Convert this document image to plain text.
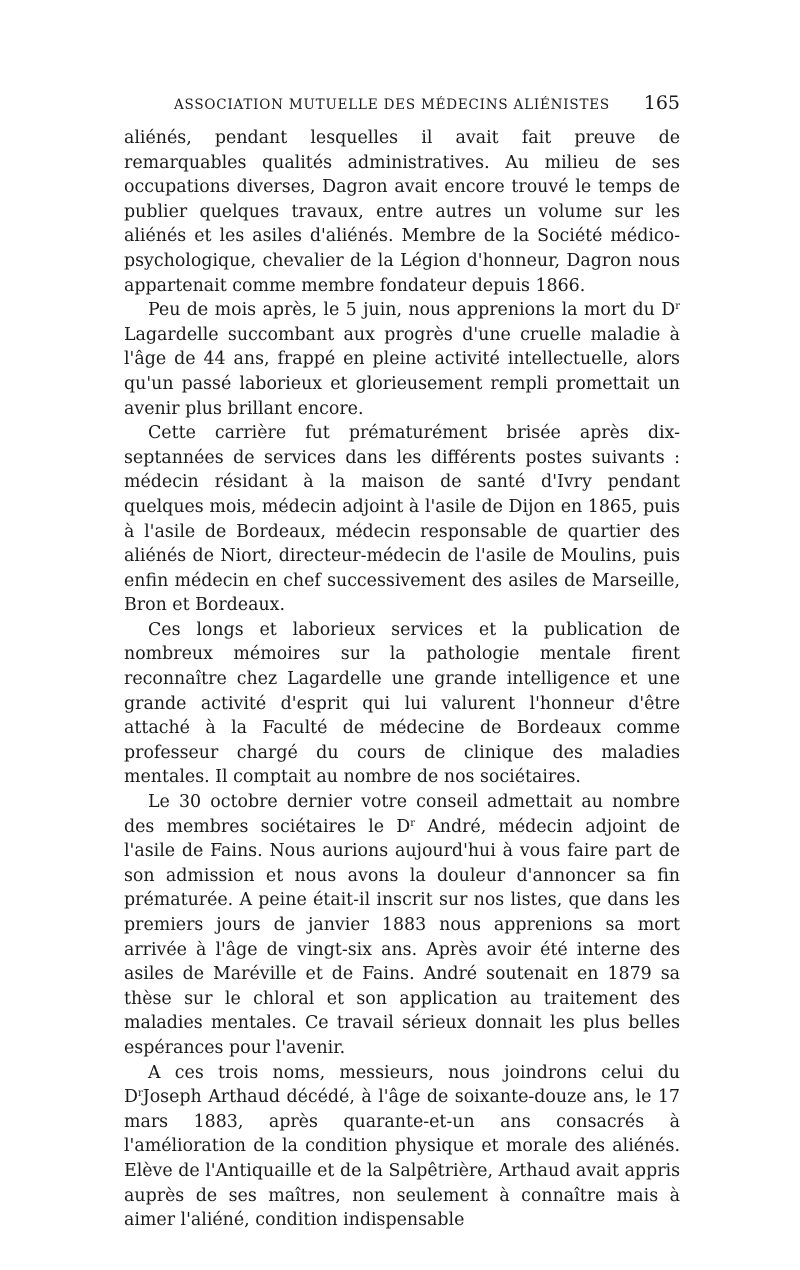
ASSOCIATION MUTUELLE DES MÉDECINS ALIÉNISTES 165

aliénés, pendant lesquelles il avait fait preuve de remarquables qualités administratives. Au milieu de ses occupations diverses, Dagron avait encore trouvé le temps de publier quelques travaux, entre autres un volume sur les aliénés et les asiles d'aliénés. Membre de la Société médico-psychologique, chevalier de la Légion d'honneur, Dagron nous appartenait comme membre fondateur depuis 1866.

Peu de mois après, le 5 juin, nous apprenions la mort du $D^r$ Lagardelle succombant aux progrès d'une cruelle maladie à l'âge de 44 ans, frappé en pleine activité intellectuelle, alors qu'un passé laborieux et glorieusement rempli promettait un avenir plus brillant encore.

Cette carrière fut prématurément brisée après dix-septannées de services dans les différents postes suivants : médecin résidant à la maison de santé d'Ivry pendant quelques mois, médecin adjoint à l'asile de Dijon en 1865, puis à l'asile de Bordeaux, médecin responsable de quartier des aliénés de Niort, directeur-médecin de l'asile de Moulins, puis enfin médecin en chef successivement des asiles de Marseille, Bron et Bordeaux.

Ces longs et laborieux services et la publication de nombreux mémoires sur la pathologie mentale firent reconnaître chez Lagardelle une grande intelligence et une grande activité d'esprit qui lui valurent l'honneur d'être attaché à la Faculté de médecine de Bordeaux comme professeur chargé du cours de clinique des maladies mentales. Il comptait au nombre de nos sociétaires.

Le 30 octobre dernier votre conseil admettait au nombre des membres sociétaires le $D^r$ André, médecin adjoint de l'asile de Fains. Nous aurions aujourd'hui à vous faire part de son admission et nous avons la douleur d'annoncer sa fin prématurée. A peine était-il inscrit sur nos listes, que dans les premiers jours de janvier 1883 nous apprenions sa mort arrivée à l'âge de vingt-six ans. Après avoir été interne des asiles de Maréville et de Fains. André soutenait en 1879 sa thèse sur le chloral et son application au traitement des maladies mentales. Ce travail sérieux donnait les plus belles espérances pour l'avenir.

A ces trois noms, messieurs, nous joindrons celui du $D^rJoseph$ Arthaud décédé, à l'âge de soixante-douze ans, le 17 mars 1883, après quarante-et-un ans consacrés à l'amélioration de la condition physique et morale des aliénés. Elève de l'Antiquaille et de la Salpêtrière, Arthaud avait appris auprès de ses maîtres, non seulement à connaître mais à aimer l'aliéné, condition indispensable
